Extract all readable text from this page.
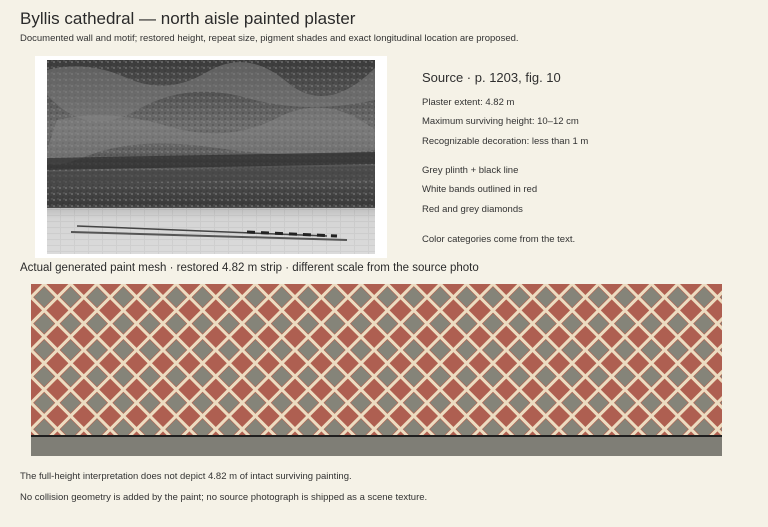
Byllis cathedral — north aisle painted plaster
Documented wall and motif; restored height, repeat size, pigment shades and exact longitudinal location are proposed.
Source · p. 1203, fig. 10
Plaster extent: 4.82 m
Maximum surviving height: 10–12 cm
Recognizable decoration: less than 1 m
Grey plinth + black line
White bands outlined in red
Red and grey diamonds
Color categories come from the text.
Actual generated paint mesh · restored 4.82 m strip · different scale from the source photo
The full-height interpretation does not depict 4.82 m of intact surviving painting.
No collision geometry is added by the paint; no source photograph is shipped as a scene texture.
